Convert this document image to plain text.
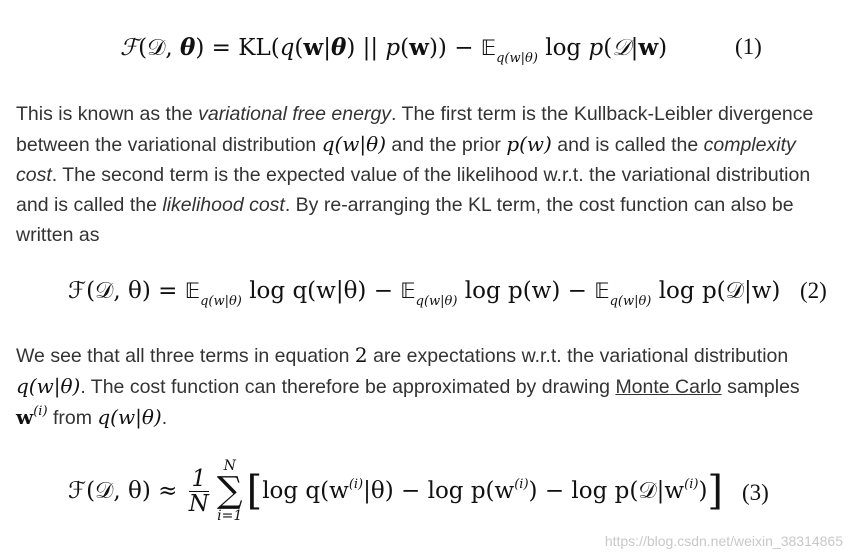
ℱ(𝒟, θ) = KL(q(w|θ) || p(w)) − 𝔼$_{q(w|\theta)}$ log p(𝒟|w)	(1)
This is known as the variational free energy. The first term is the Kullback-Leibler divergence between the variational distribution q(w|θ) and the prior p(w) and is called the complexity cost. The second term is the expected value of the likelihood w.r.t. the variational distribution and is called the likelihood cost. By re-arranging the KL term, the cost function can also be written as
ℱ(𝒟, θ) = 𝔼$_{q(w|\theta)}$ log q(w|θ) − 𝔼$_{q(w|\theta)}$ log p(w) − 𝔼$_{q(w|\theta)}$ log p(𝒟|w) (2)
We see that all three terms in equation 2 are expectations w.r.t. the variational distribution q(w|θ). The cost function can therefore be approximated by drawing Monte Carlo samples $w^{(i)}$ from q(w|θ).
ℱ(𝒟, $\theta) \approx \frac{1}{N}$
N
∑
i=1
[log $q(w^{(i)}|\theta) - \log p(w^{(i)}) - \log$ $p(𝒟|w^{(i)})$] (3)
https://blog.csdn.net/weixin_38314865
